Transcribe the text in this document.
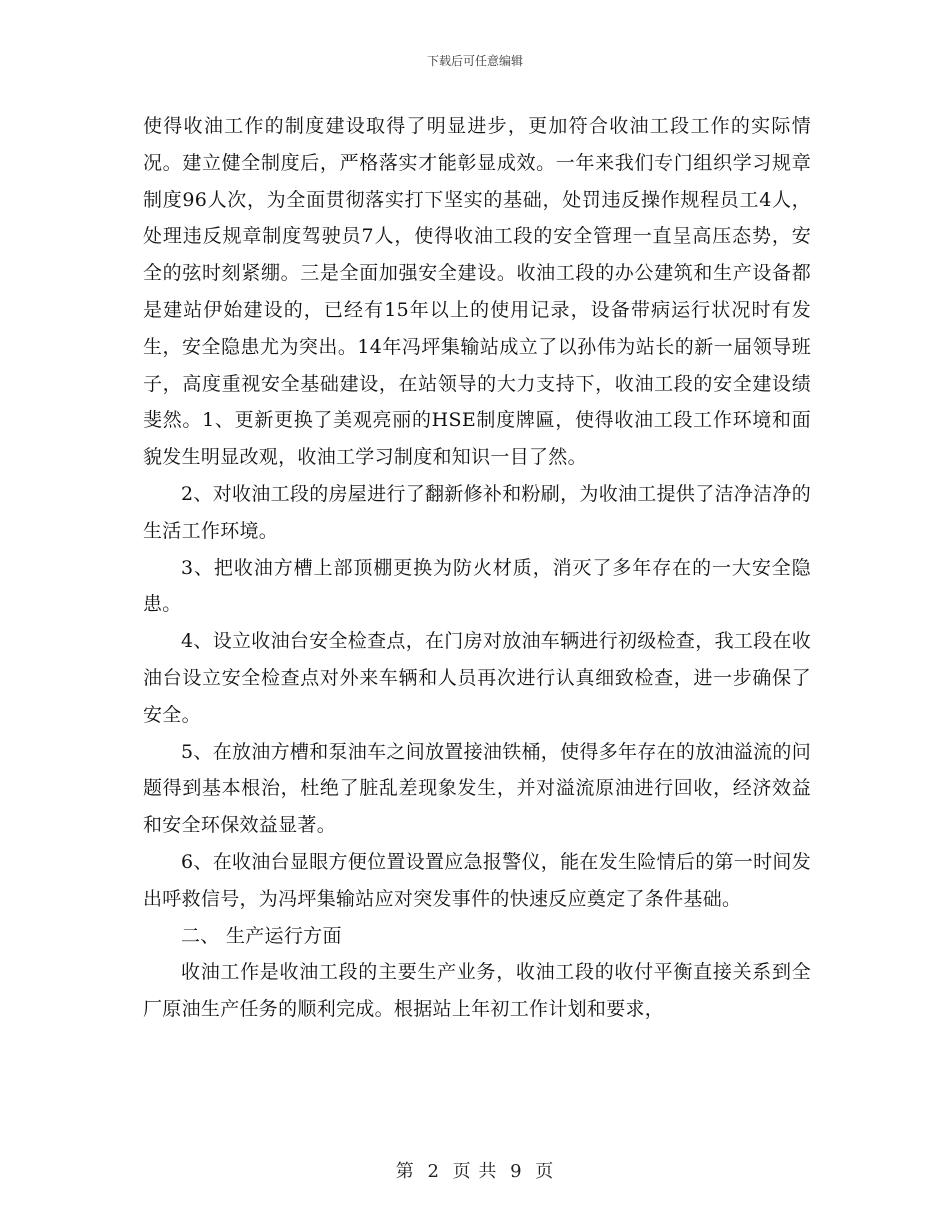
下载后可任意编辑

使得收油工作的制度建设取得了明显进步，更加符合收油工段工作的实际情况。建立健全制度后，严格落实才能彰显成效。一年来我们专门组织学习规章制度96人次，为全面贯彻落实打下坚实的基础，处罚违反操作规程员工4人，处理违反规章制度驾驶员7人，使得收油工段的安全管理一直呈高压态势，安全的弦时刻紧绷。三是全面加强安全建设。收油工段的办公建筑和生产设备都是建站伊始建设的，已经有15年以上的使用记录，设备带病运行状况时有发生，安全隐患尤为突出。14年冯坪集输站成立了以孙伟为站长的新一届领导班子，高度重视安全基础建设，在站领导的大力支持下，收油工段的安全建设绩斐然。1、更新更换了美观亮丽的HSE制度牌匾，使得收油工段工作环境和面貌发生明显改观，收油工学习制度和知识一目了然。

2、对收油工段的房屋进行了翻新修补和粉刷，为收油工提供了洁净洁净的生活工作环境。

3、把收油方槽上部顶棚更换为防火材质，消灭了多年存在的一大安全隐患。

4、设立收油台安全检查点，在门房对放油车辆进行初级检查，我工段在收油台设立安全检查点对外来车辆和人员再次进行认真细致检查，进一步确保了安全。

5、在放油方槽和泵油车之间放置接油铁桶，使得多年存在的放油溢流的问题得到基本根治，杜绝了脏乱差现象发生，并对溢流原油进行回收，经济效益和安全环保效益显著。

6、在收油台显眼方便位置设置应急报警仪，能在发生险情后的第一时间发出呼救信号，为冯坪集输站应对突发事件的快速反应奠定了条件基础。

二、 生产运行方面

收油工作是收油工段的主要生产业务，收油工段的收付平衡直接关系到全厂原油生产任务的顺利完成。根据站上年初工作计划和要求，

第 2 页 共 9 页
